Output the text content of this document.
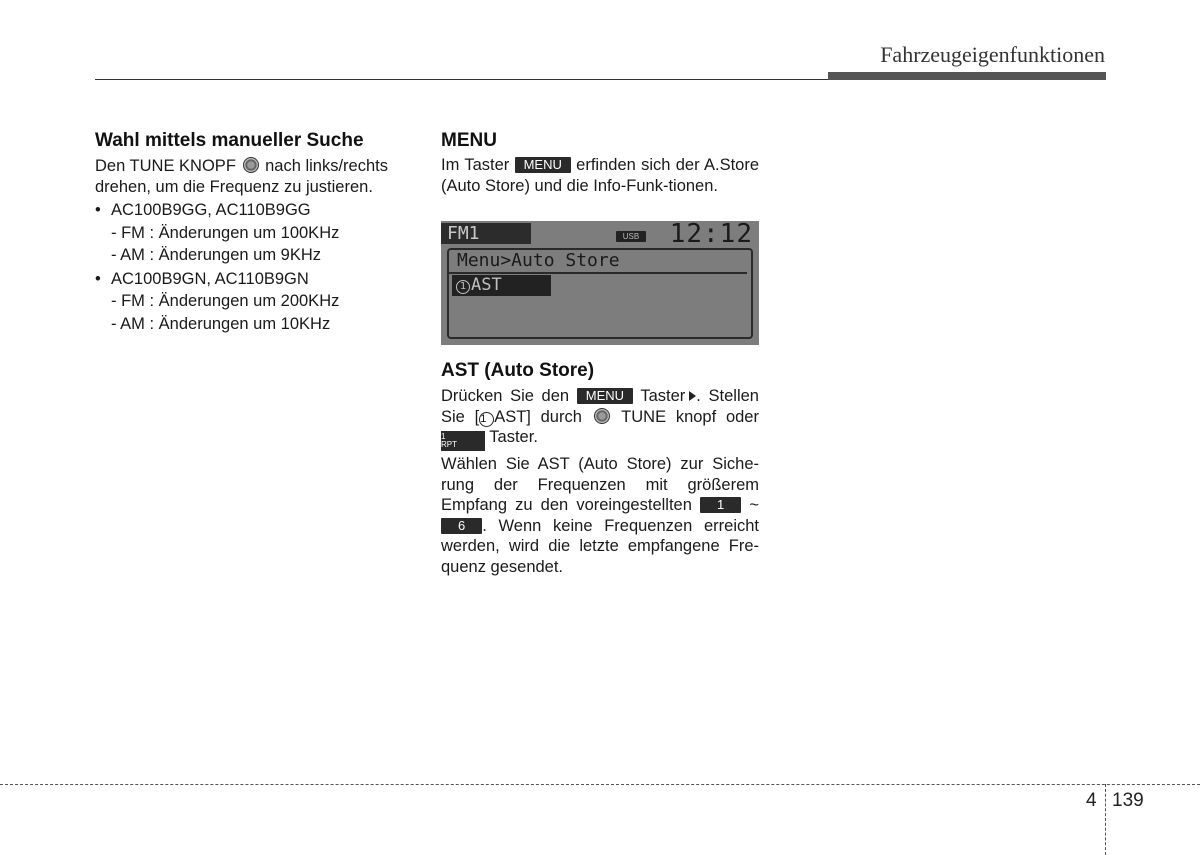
Fahrzeugeigenfunktionen
Wahl mittels manueller Suche

Den TUNE KNOPF nach links/rechts drehen, um die Frequenz zu justieren.

• AC100B9GG, AC110B9GG
- FM : Änderungen um 100KHz
- AM : Änderungen um 9KHz
• AC100B9GN, AC110B9GN
- FM : Änderungen um 200KHz
- AM : Änderungen um 10KHz
MENU

Im Taster MENU erfinden sich der A.Store (Auto Store) und die Info-Funk-tionen.

FM1	USB 12:12
Menu>Auto Store
1 AST
AST (Auto Store)

Drücken Sie den MENU Taster . Stellen Sie [1 AST] durch TUNE knopf oder
1
RPT	Taster.

Wählen Sie AST (Auto Store) zur Siche-rung der Frequenzen mit größerem Empfang zu den voreingestellten 1 ~ 6 . Wenn keine Frequenzen erreicht werden, wird die letzte empfangene Fre-quenz gesendet.

4 139
